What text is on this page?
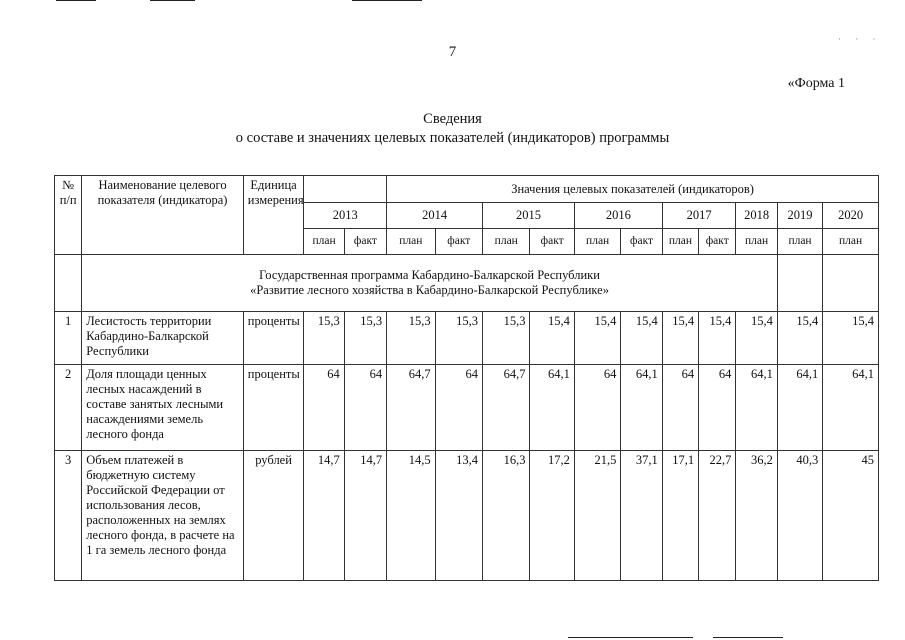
· · ·
7
«Форма 1
Сведения
о составе и значениях целевых показателей (индикаторов) программы
№ п/п	Наименование целевого показателя (индикатора)	Единица измерения			Значения целевых показателей (индикаторов)										
			2013		2014		2015		2016		2017		2018	2019	2020
			план	факт	план	факт	план	факт	план	факт	план	факт	план	план	план

	Государственная программа Кабардино-Балкарской Республики
«Развитие лесного хозяйства в Кабардино-Балкарской Республике»														

1	Лесистость территории Кабардино-Балкарской Республики	проценты	15,3	15,3	15,3	15,3	15,3	15,4	15,4	15,4	15,4	15,4	15,4	15,4	15,4
2	Доля площади ценных лесных насаждений в составе занятых лесными насаждениями земель лесного фонда	проценты	64	64	64,7	64	64,7	64,1	64	64,1	64	64	64,1	64,1	64,1
3	Объем платежей в бюджетную систему Российской Федерации от использования лесов, расположенных на землях лесного фонда, в расчете на 1 га земель лесного фонда	рублей	14,7	14,7	14,5	13,4	16,3	17,2	21,5	37,1	17,1	22,7	36,2	40,3	45
